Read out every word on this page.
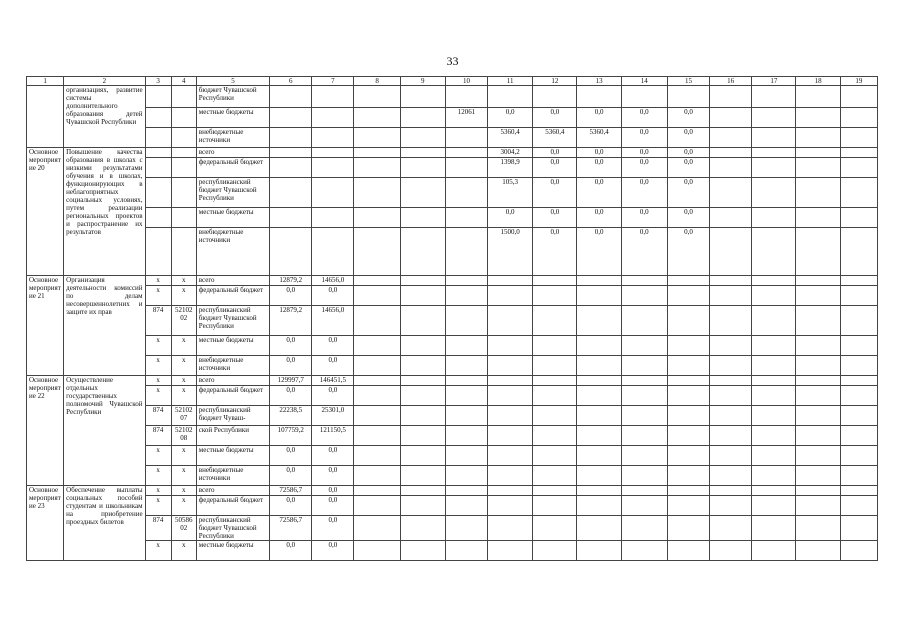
33
1	2	3	4	5	6	7	8	9	10	11	12	13	14	15	16	17	18	19
	организациях, развитие системы дополнительного образования детей Чувашской Республики			бюджет Чувашской Республики														
				местные бюджеты					12061	0,0	0,0	0,0	0,0	0,0				
				внебюджетные источники						5360,4	5360,4	5360,4	0,0	0,0				
Основное мероприятие 20	Повышение качества образования в школах с низкими результатами обучения и в школах, функционирующих в неблагоприятных социальных условиях, путем реализации региональных проектов и распространение их результатов			всего						3004,2	0,0	0,0	0,0	0,0				
				федеральный бюджет						1398,9	0,0	0,0	0,0	0,0				
				республиканский бюджет Чувашской Республики						105,3	0,0	0,0	0,0	0,0				
				местные бюджеты						0,0	0,0	0,0	0,0	0,0				
				внебюджетные источники						1500,0	0,0	0,0	0,0	0,0				
Основное мероприятие 21	Организация деятельности комиссий по делам несовершеннолетних и защите их прав	х	х	всего	12879,2	14656,0												
		х	х	федеральный бюджет	0,0	0,0												
		874	52102 02	республиканский бюджет Чувашской Республики	12879,2	14656,0												
		х	х	местные бюджеты	0,0	0,0												
		х	х	внебюджетные источники	0,0	0,0												
Основное мероприятие 22	Осуществление отдельных государственных полномочий Чувашской Республики	х	х	всего	129997,7	146451,5												
		х	х	федеральный бюджет	0,0	0,0												
		874	52102 07	республиканский бюджет Чуваш-	22238,5	25301,0												
		874	52102 08	ской Республики	107759,2	121150,5												
		х	х	местные бюджеты	0,0	0,0												
		х	х	внебюджетные источники	0,0	0,0												
Основное мероприятие 23	Обеспечение выплаты социальных пособий студентам и школьникам на приобретение проездных билетов	х	х	всего	72586,7	0,0												
		х	х	федеральный бюджет	0,0	0,0												
		874	50586 02	республиканский бюджет Чувашской Республики	72586,7	0,0												
		х	х	местные бюджеты	0,0	0,0												
